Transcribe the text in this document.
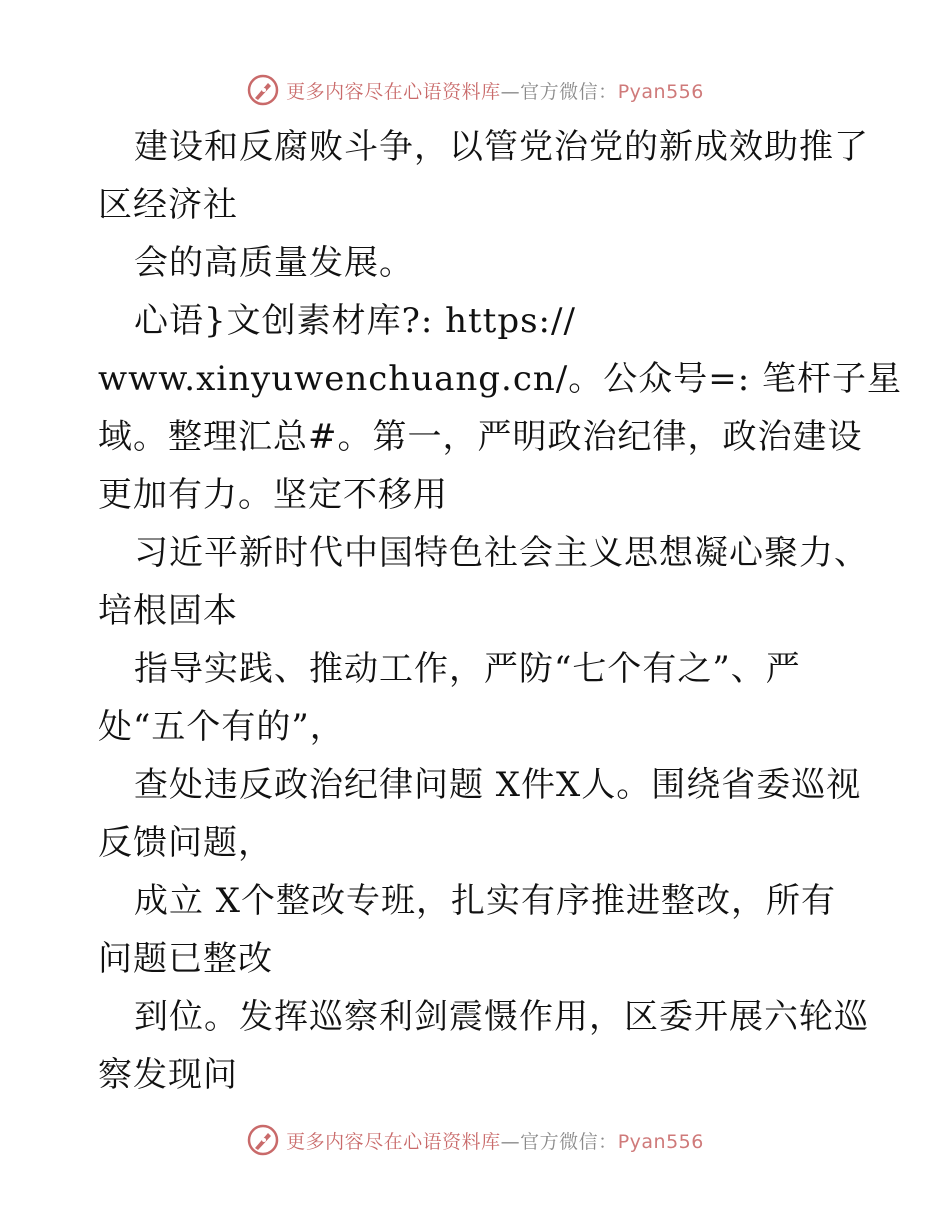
更多内容尽在心语资料库—官方微信：Pyan556
建设和反腐败斗争，以管党治党的新成效助推了
区经济社
会的高质量发展。
心语}文创素材库?: https://
www.xinyuwenchuang.cn/。公众号=: 笔杆子星
域。整理汇总#。第一，严明政治纪律，政治建设
更加有力。坚定不移用
习近平新时代中国特色社会主义思想凝心聚力、
培根固本
指导实践、推动工作，严防“七个有之”、严
处“五个有的”，
查处违反政治纪律问题 X件X人。围绕省委巡视
反馈问题，
成立 X个整改专班，扎实有序推进整改，所有
问题已整改
到位。发挥巡察利剑震慑作用，区委开展六轮巡
察发现问
更多内容尽在心语资料库—官方微信：Pyan556
